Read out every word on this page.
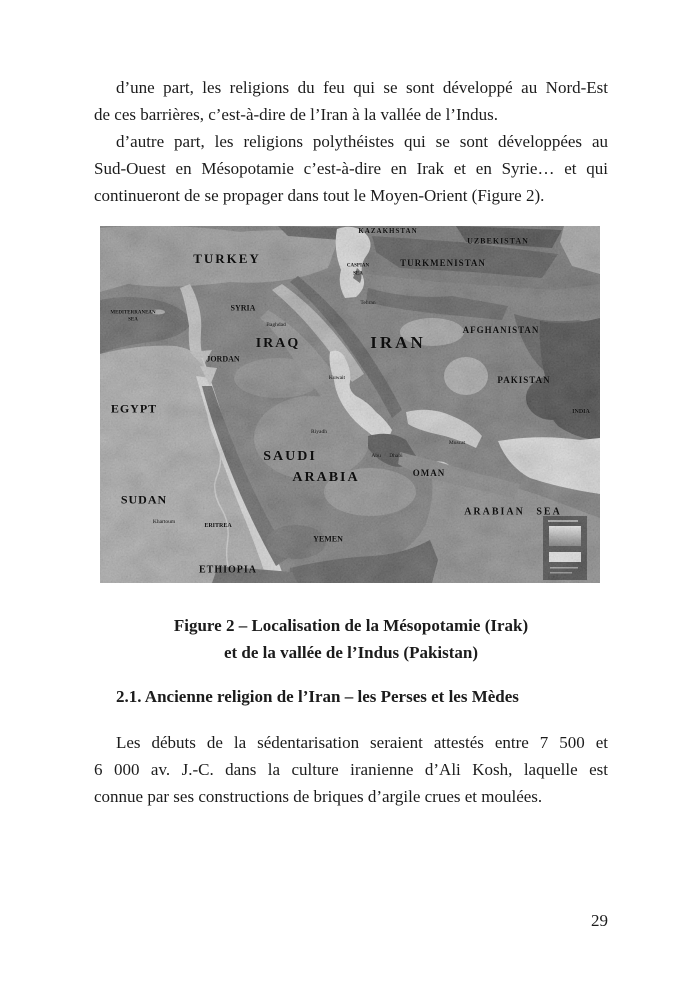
d’une part, les religions du feu qui se sont développé au Nord-Est
de ces barrières, c’est-à-dire de l’Iran à la vallée de l’Indus.
d’autre part, les religions polythéistes qui se sont développées au
Sud-Ouest en Mésopotamie c’est-à-dire en Irak et en Syrie… et qui
continueront de se propager dans tout le Moyen-Orient (Figure 2).
KAZAKHSTAN
UZBEKISTAN
TURKEY	TURKMENISTAN
CASPIAN
SEA
MEDITERRANEAN
SEA
SYRIA
IRAQ	IRAN
AFGHANISTAN
PAKISTAN
INDIA
JORDAN
EGYPT
SAUDI
ARABIA	OMAN
SUDAN
ARABIAN SEA
YEMEN
ERITREA
ETHIOPIA
Tehran
Baghdad
Kuwait
Riyadh
Abu Dhabi
Muscat
Khartoum
Figure 2 – Localisation de la Mésopotamie (Irak)
et de la vallée de l’Indus (Pakistan)
2.1. Ancienne religion de l’Iran – les Perses et les Mèdes
Les débuts de la sédentarisation seraient attestés entre 7 500 et
6 000 av. J.-C. dans la culture iranienne d’Ali Kosh, laquelle est
connue par ses constructions de briques d’argile crues et moulées.
29
